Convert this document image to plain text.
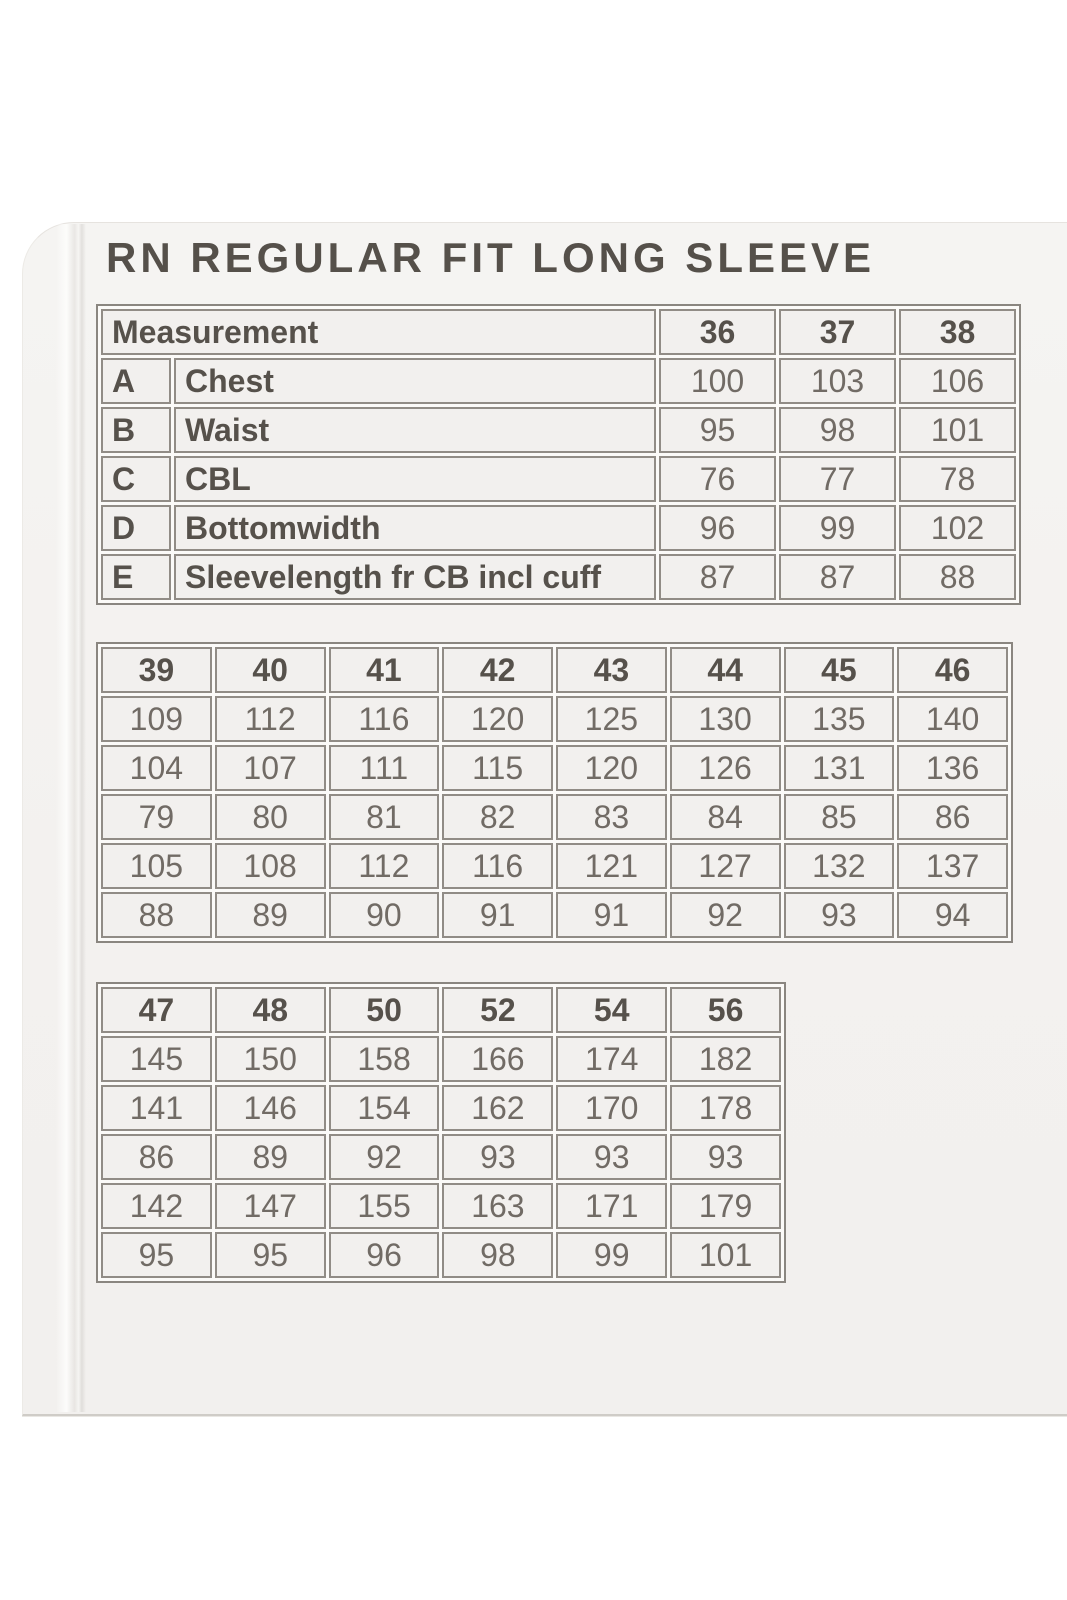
RN REGULAR FIT LONG SLEEVE
Measurement		36	37	38
A	Chest	100	103	106
B	Waist	95	98	101
C	CBL	76	77	78
D	Bottomwidth	96	99	102
E	Sleevelength fr CB incl cuff	87	87	88
39	40	41	42	43	44	45	46
109	112	116	120	125	130	135	140
104	107	111	115	120	126	131	136
79	80	81	82	83	84	85	86
105	108	112	116	121	127	132	137
88	89	90	91	91	92	93	94
47	48	50	52	54	56
145	150	158	166	174	182
141	146	154	162	170	178
86	89	92	93	93	93
142	147	155	163	171	179
95	95	96	98	99	101
